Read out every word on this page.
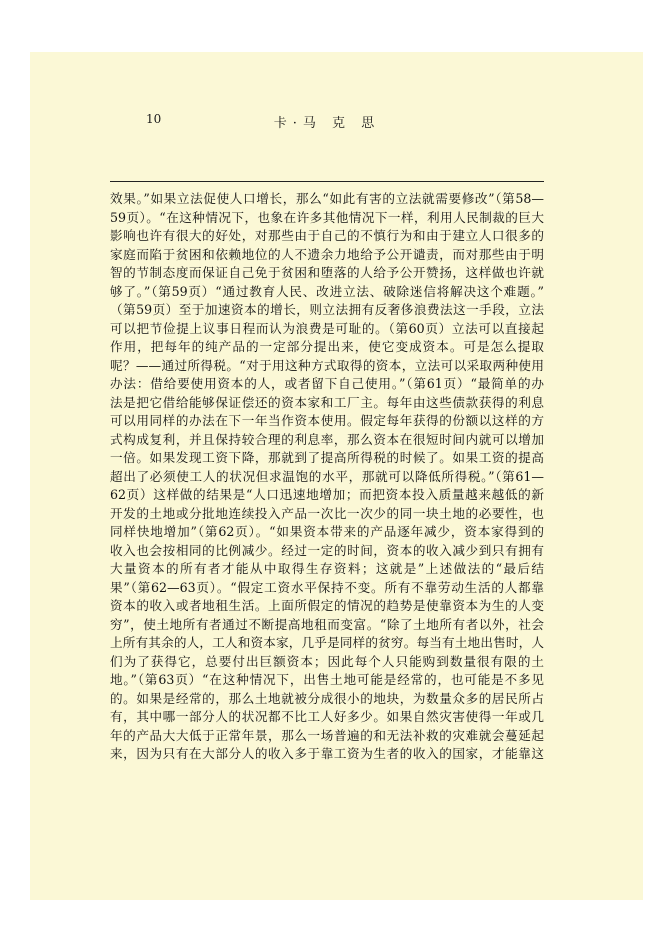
10	卡·马 克 思
效果。”如果立法促使人口增长，那么“如此有害的立法就需要修改”（第58—
59页）。“在这种情况下，也象在许多其他情况下一样，利用人民制裁的巨大
影响也许有很大的好处，对那些由于自己的不慎行为和由于建立人口很多的
家庭而陷于贫困和依赖地位的人不遗余力地给予公开谴责，而对那些由于明
智的节制态度而保证自己免于贫困和堕落的人给予公开赞扬，这样做也许就
够了。”（第59页）“通过教育人民、改进立法、破除迷信将解决这个难题。”
（第59页）至于加速资本的增长，则立法拥有反奢侈浪费法这一手段，立法
可以把节俭提上议事日程而认为浪费是可耻的。（第60页）立法可以直接起
作用，把每年的纯产品的一定部分提出来，使它变成资本。可是怎么提取
呢？——通过所得税。“对于用这种方式取得的资本，立法可以采取两种使用
办法：借给要使用资本的人，或者留下自己使用。”（第61页）“最简单的办
法是把它借给能够保证偿还的资本家和工厂主。每年由这些债款获得的利息
可以用同样的办法在下一年当作资本使用。假定每年获得的份额以这样的方
式构成复利，并且保持较合理的利息率，那么资本在很短时间内就可以增加
一倍。如果发现工资下降，那就到了提高所得税的时候了。如果工资的提高
超出了必须使工人的状况但求温饱的水平，那就可以降低所得税。”（第61—
62页）这样做的结果是“人口迅速地增加；而把资本投入质量越来越低的新
开发的土地或分批地连续投入产品一次比一次少的同一块土地的必要性，也
同样快地增加”（第62页）。“如果资本带来的产品逐年减少，资本家得到的
收入也会按相同的比例减少。经过一定的时间，资本的收入减少到只有拥有
大量资本的所有者才能从中取得生存资料；这就是”上述做法的“最后结
果”（第62—63页）。“假定工资水平保持不变。所有不靠劳动生活的人都靠
资本的收入或者地租生活。上面所假定的情况的趋势是使靠资本为生的人变
穷”，使土地所有者通过不断提高地租而变富。“除了土地所有者以外，社会
上所有其余的人，工人和资本家，几乎是同样的贫穷。每当有土地出售时，人
们为了获得它，总要付出巨额资本；因此每个人只能购到数量很有限的土
地。”（第63页）“在这种情况下，出售土地可能是经常的，也可能是不多见
的。如果是经常的，那么土地就被分成很小的地块，为数量众多的居民所占
有，其中哪一部分人的状况都不比工人好多少。如果自然灾害使得一年或几
年的产品大大低于正常年景，那么一场普遍的和无法补救的灾难就会蔓延起
来，因为只有在大部分人的收入多于靠工资为生者的收入的国家，才能靠这
